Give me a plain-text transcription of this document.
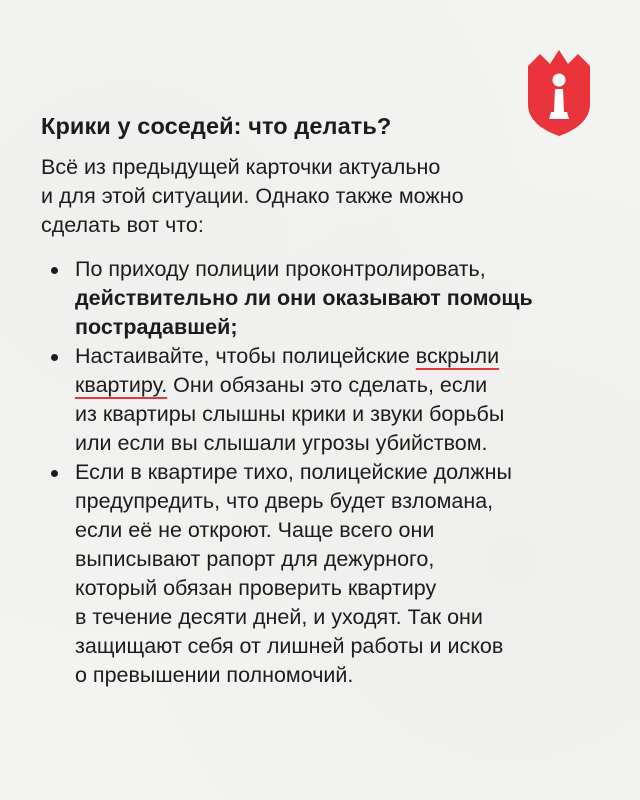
Крики у соседей: что делать?

Всё из предыдущей карточки актуально
и для этой ситуации. Однако также можно
сделать вот что:

По приходу полиции проконтролировать,
действительно ли они оказывают помощь
пострадавшей;
Настаивайте, чтобы полицейские вскрыли
квартиру. Они обязаны это сделать, если
из квартиры слышны крики и звуки борьбы
или если вы слышали угрозы убийством.
Если в квартире тихо, полицейские должны
предупредить, что дверь будет взломана,
если её не откроют. Чаще всего они
выписывают рапорт для дежурного,
который обязан проверить квартиру
в течение десяти дней, и уходят. Так они
защищают себя от лишней работы и исков
о превышении полномочий.
